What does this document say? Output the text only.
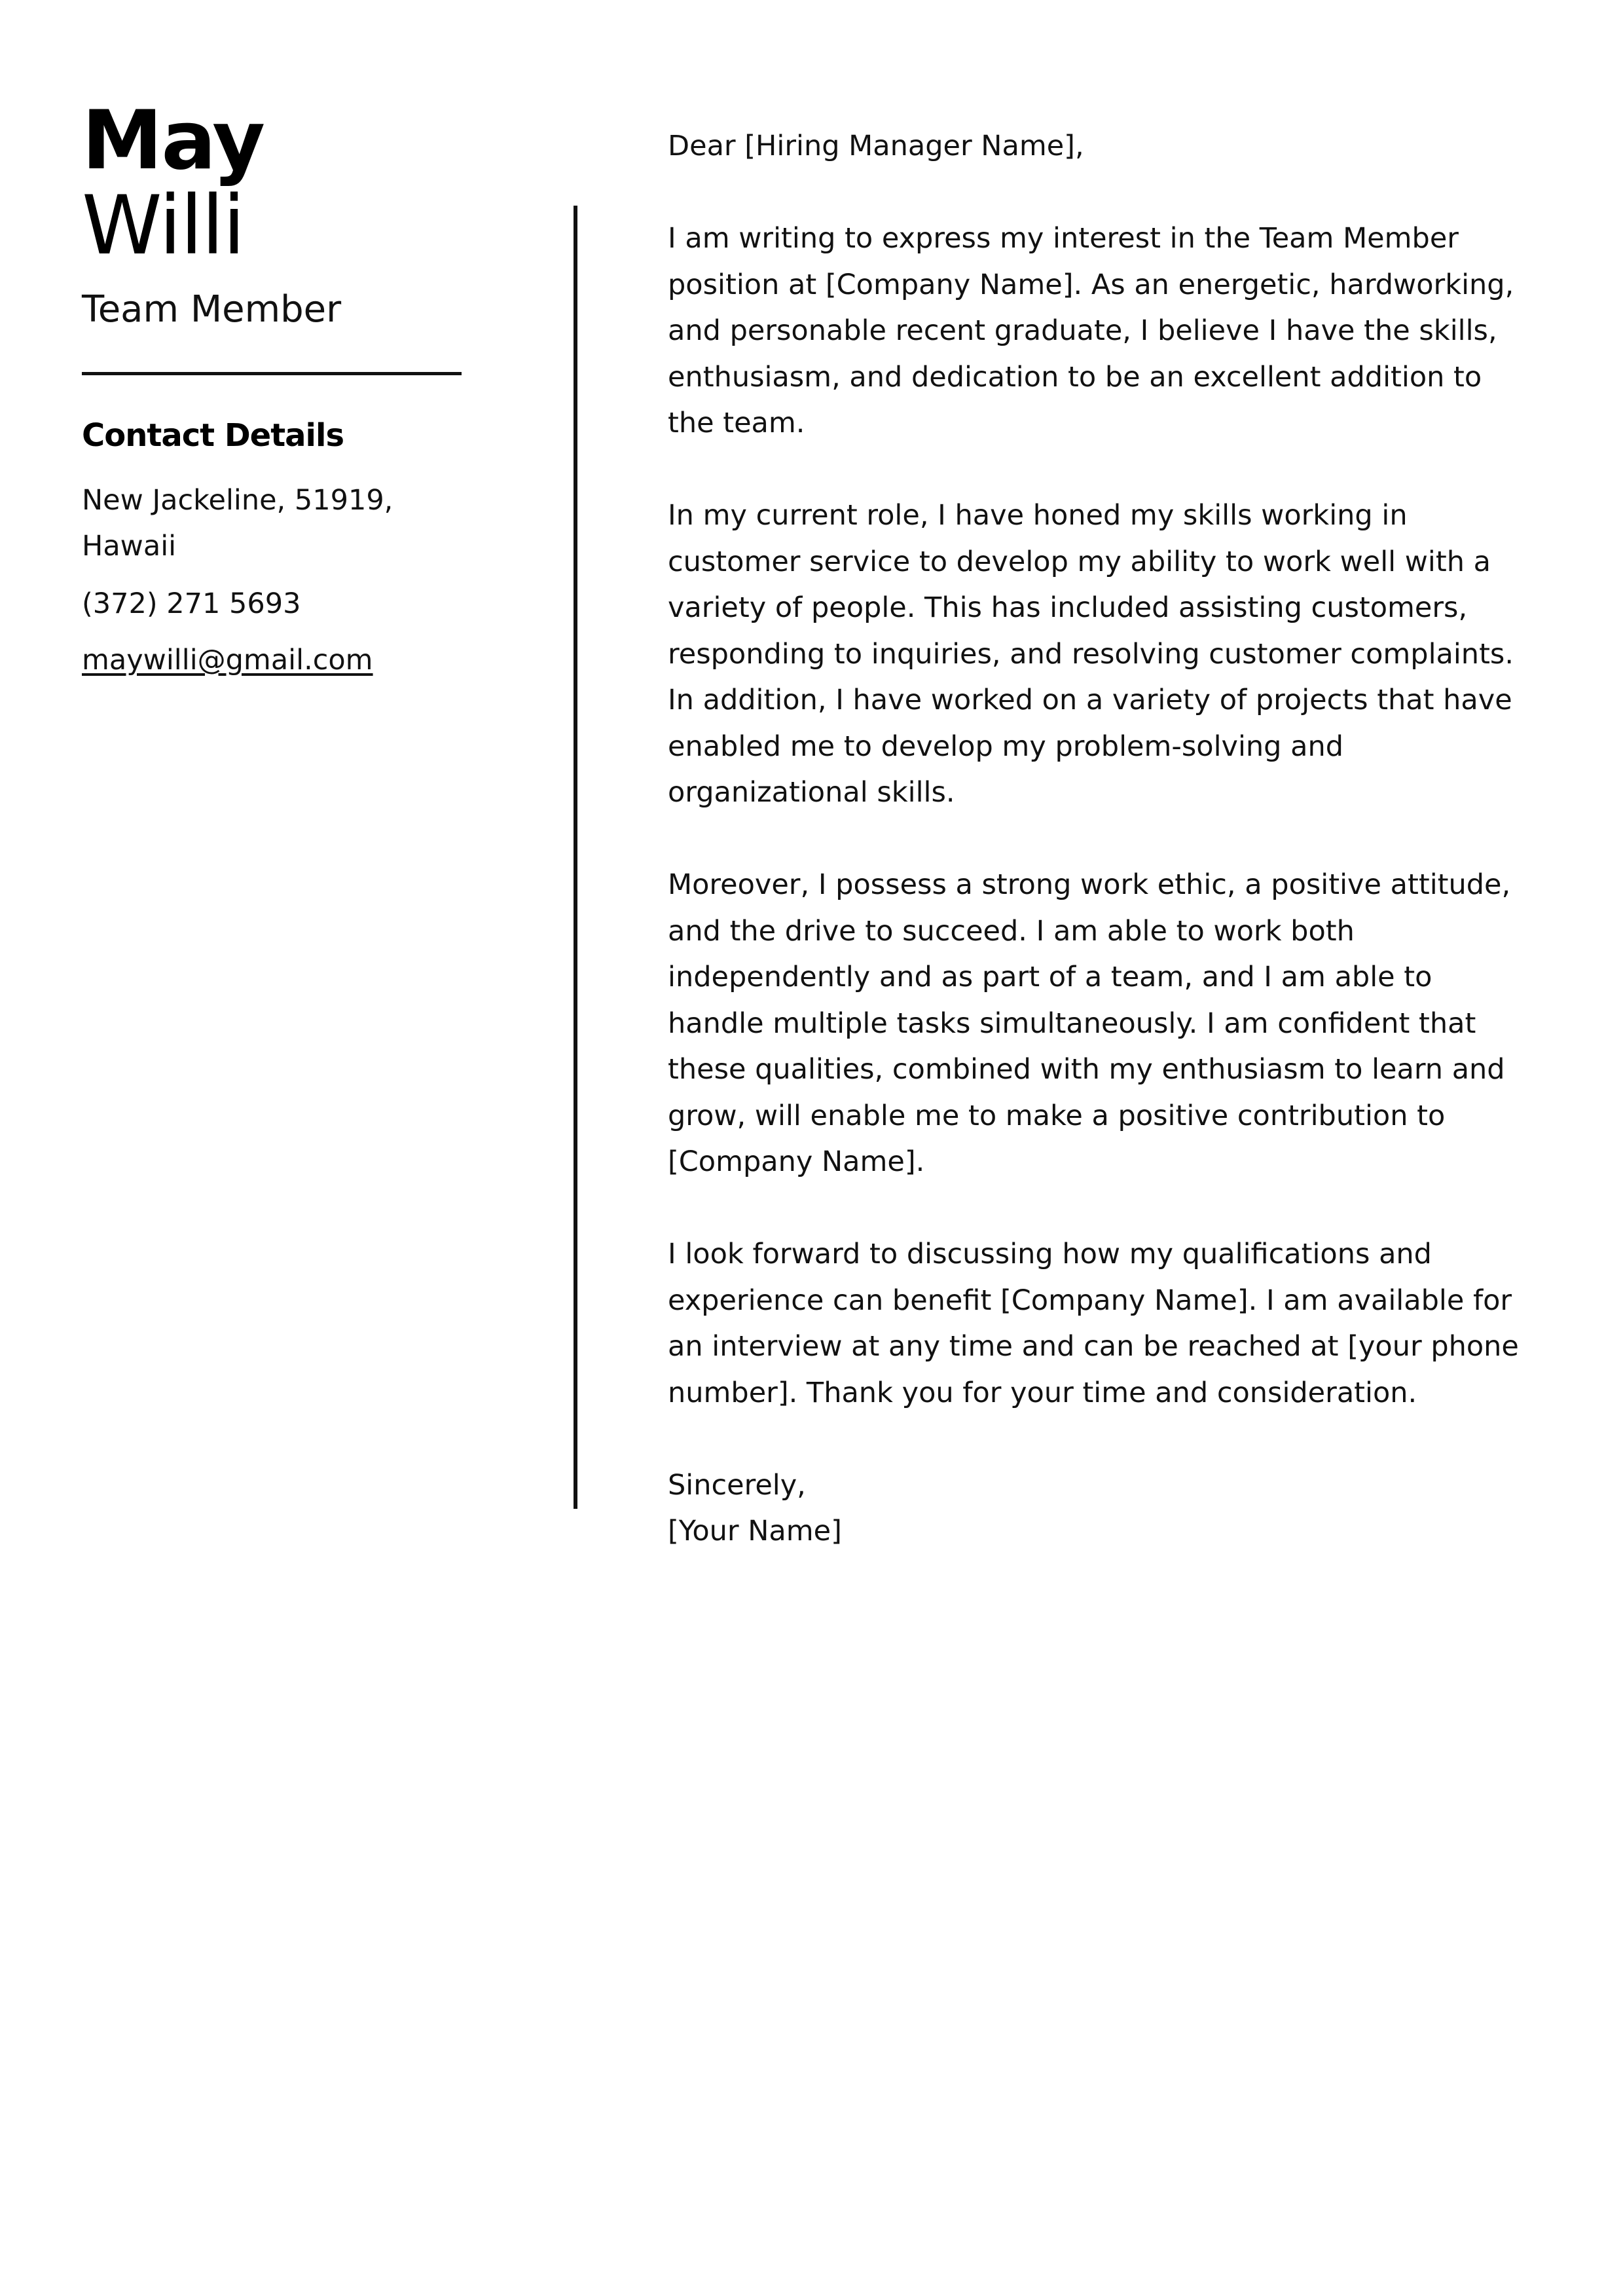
May
Willi
Team Member
Contact Details
New Jackeline, 51919, Hawaii
(372) 271 5693
maywilli@gmail.com

Dear [Hiring Manager Name],

I am writing to express my interest in the Team Member position at [Company Name]. As an energetic, hardworking, and personable recent graduate, I believe I have the skills, enthusiasm, and dedication to be an excellent addition to the team.

In my current role, I have honed my skills working in customer service to develop my ability to work well with a variety of people. This has included assisting customers, responding to inquiries, and resolving customer complaints. In addition, I have worked on a variety of projects that have enabled me to develop my problem-solving and organizational skills.

Moreover, I possess a strong work ethic, a positive attitude, and the drive to succeed. I am able to work both independently and as part of a team, and I am able to handle multiple tasks simultaneously. I am confident that these qualities, combined with my enthusiasm to learn and grow, will enable me to make a positive contribution to [Company Name].

I look forward to discussing how my qualifications and experience can benefit [Company Name]. I am available for an interview at any time and can be reached at [your phone number]. Thank you for your time and consideration.

Sincerely,
[Your Name]
